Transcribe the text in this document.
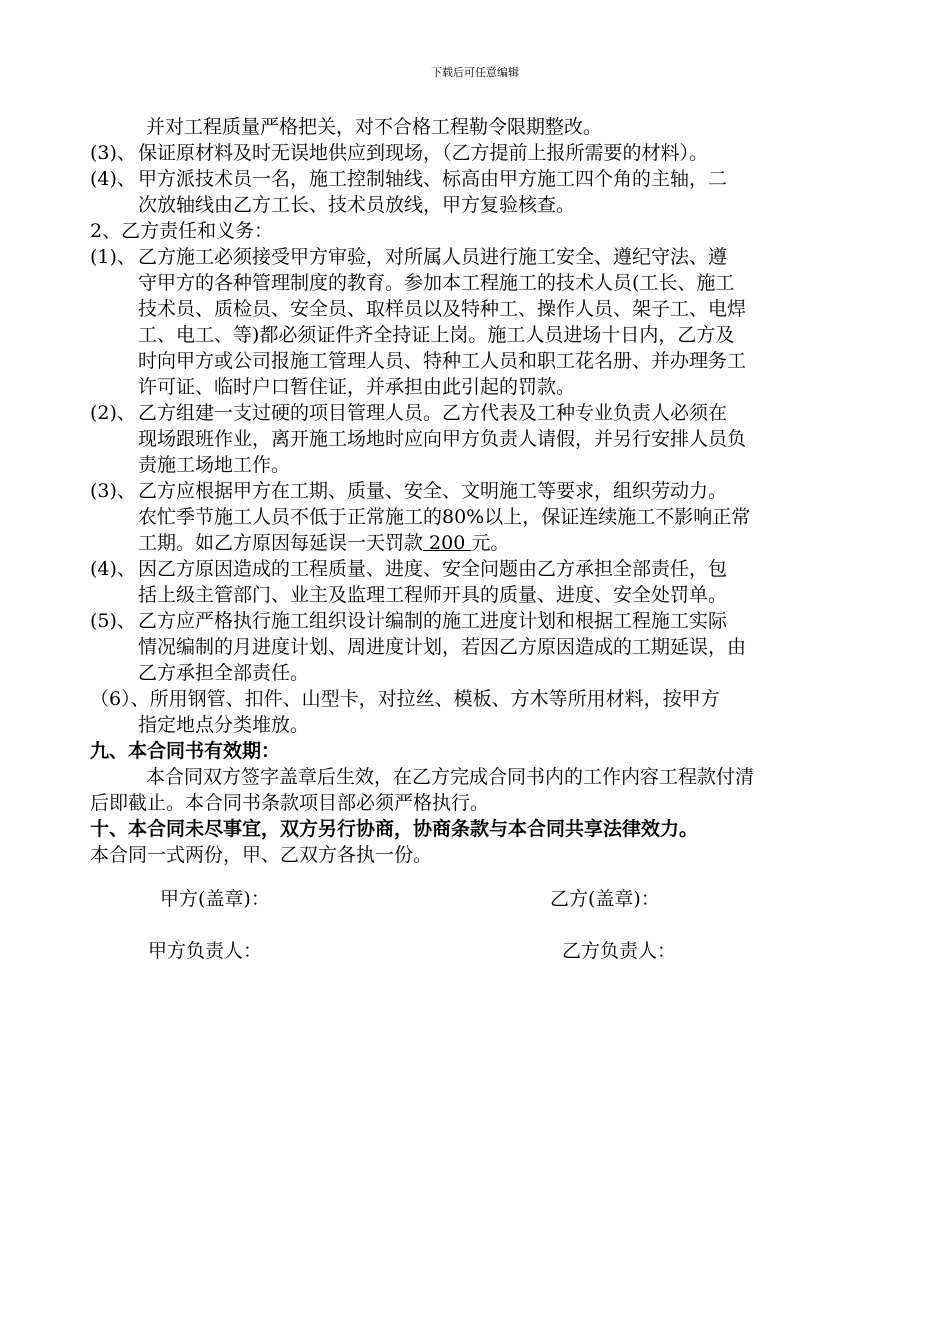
下载后可任意编辑
并对工程质量严格把关，对不合格工程勒令限期整改。
(3)、 保证原材料及时无误地供应到现场，（乙方提前上报所需要的材料）。
(4)、 甲方派技术员一名，施工控制轴线、标高由甲方施工四个角的主轴，二
次放轴线由乙方工长、技术员放线，甲方复验核查。
2、乙方责任和义务：
(1)、 乙方施工必须接受甲方审验，对所属人员进行施工安全、遵纪守法、遵
守甲方的各种管理制度的教育。参加本工程施工的技术人员(工长、施工
技术员、质检员、安全员、取样员以及特种工、操作人员、架子工、电焊
工、电工、等)都必须证件齐全持证上岗。施工人员进场十日内，乙方及
时向甲方或公司报施工管理人员、特种工人员和职工花名册、并办理务工
许可证、临时户口暂住证，并承担由此引起的罚款。
(2)、 乙方组建一支过硬的项目管理人员。乙方代表及工种专业负责人必须在
现场跟班作业，离开施工场地时应向甲方负责人请假，并另行安排人员负
责施工场地工作。
(3)、 乙方应根据甲方在工期、质量、安全、文明施工等要求，组织劳动力。
农忙季节施工人员不低于正常施工的80%以上，保证连续施工不影响正常
工期。如乙方原因每延误一天罚款 200 元。
(4)、 因乙方原因造成的工程质量、进度、安全问题由乙方承担全部责任，包
括上级主管部门、业主及监理工程师开具的质量、进度、安全处罚单。
(5)、 乙方应严格执行施工组织设计编制的施工进度计划和根据工程施工实际
情况编制的月进度计划、周进度计划，若因乙方原因造成的工期延误，由
乙方承担全部责任。
（6）、所用钢管、扣件、山型卡，对拉丝、模板、方木等所用材料，按甲方
指定地点分类堆放。
九、本合同书有效期：
本合同双方签字盖章后生效，在乙方完成合同书内的工作内容工程款付清
后即截止。本合同书条款项目部必须严格执行。
十、本合同未尽事宜，双方另行协商，协商条款与本合同共享法律效力。
本合同一式两份，甲、乙双方各执一份。
甲方(盖章)：	乙方(盖章)：
甲方负责人：	乙方负责人：
